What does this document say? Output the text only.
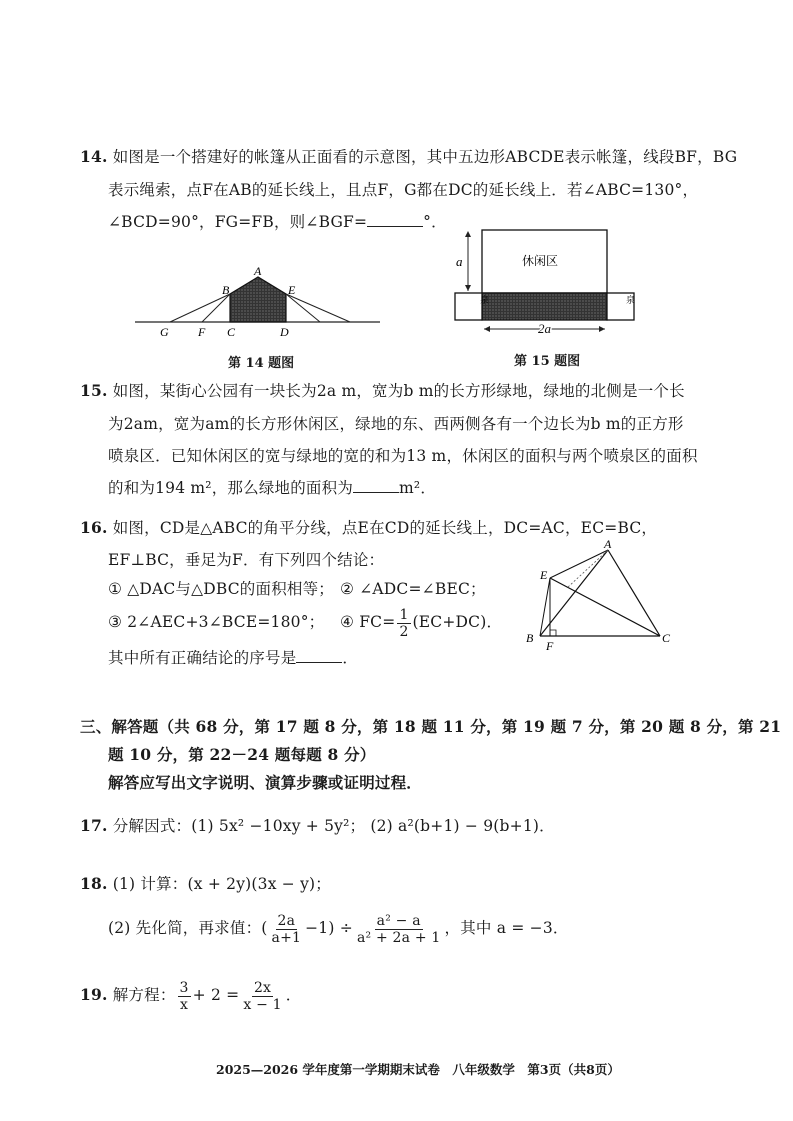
14. 如图是一个搭建好的帐篷从正面看的示意图，其中五边形ABCDE表示帐篷，线段BF，BG
表示绳索，点F在AB的延长线上，且点F，G都在DC的延长线上．若∠ABC=130°，
∠BCD=90°，FG=FB，则∠BGF=	°．
A
B	E
G F C	D
第 14 题图
休闲区
a
2a
泉	泉
第 15 题图
15. 如图，某街心公园有一块长为2a m，宽为b m的长方形绿地，绿地的北侧是一个长
为2am，宽为am的长方形休闲区，绿地的东、西两侧各有一个边长为b m的正方形
喷泉区．已知休闲区的宽与绿地的宽的和为13 m，休闲区的面积与两个喷泉区的面积
的和为194 m²，那么绿地的面积为	m²．
16. 如图，CD是△ABC的角平分线，点E在CD的延长线上，DC=AC，EC=BC，
EF⊥BC，垂足为F．有下列四个结论：
① △DAC与△DBC的面积相等； ② ∠ADC=∠BEC；
③ 2∠AEC+3∠BCE=180°； ④ $FC= \frac{1}{2} (EC+DC)$．
其中所有正确结论的序号是	．
A
E
B
F
C
三、解答题（共 68 分，第 17 题 8 分，第 18 题 11 分，第 19 题 7 分，第 20 题 8 分，第 21
题 10 分，第 22－24 题每题 8 分）
解答应写出文字说明、演算步骤或证明过程．
17. 分解因式：(1) 5x² −10xy + 5y²； (2) a²(b+1) − 9(b+1)．
18. (1) 计算：(x + 2y)(3x − y)；
(2) 先化简，再求值：( $\frac{2a}{a+1} -1) \div \frac{\text{a² − a}}{\text{a² + 2a + 1}}$ ，其中 a = −3．
19. 解方程： $\frac{3}{x} + 2 = \frac{2x}{x - 1}$ ．
2025—2026 学年度第一学期期末试卷　八年级数学　第3页（共8页）
